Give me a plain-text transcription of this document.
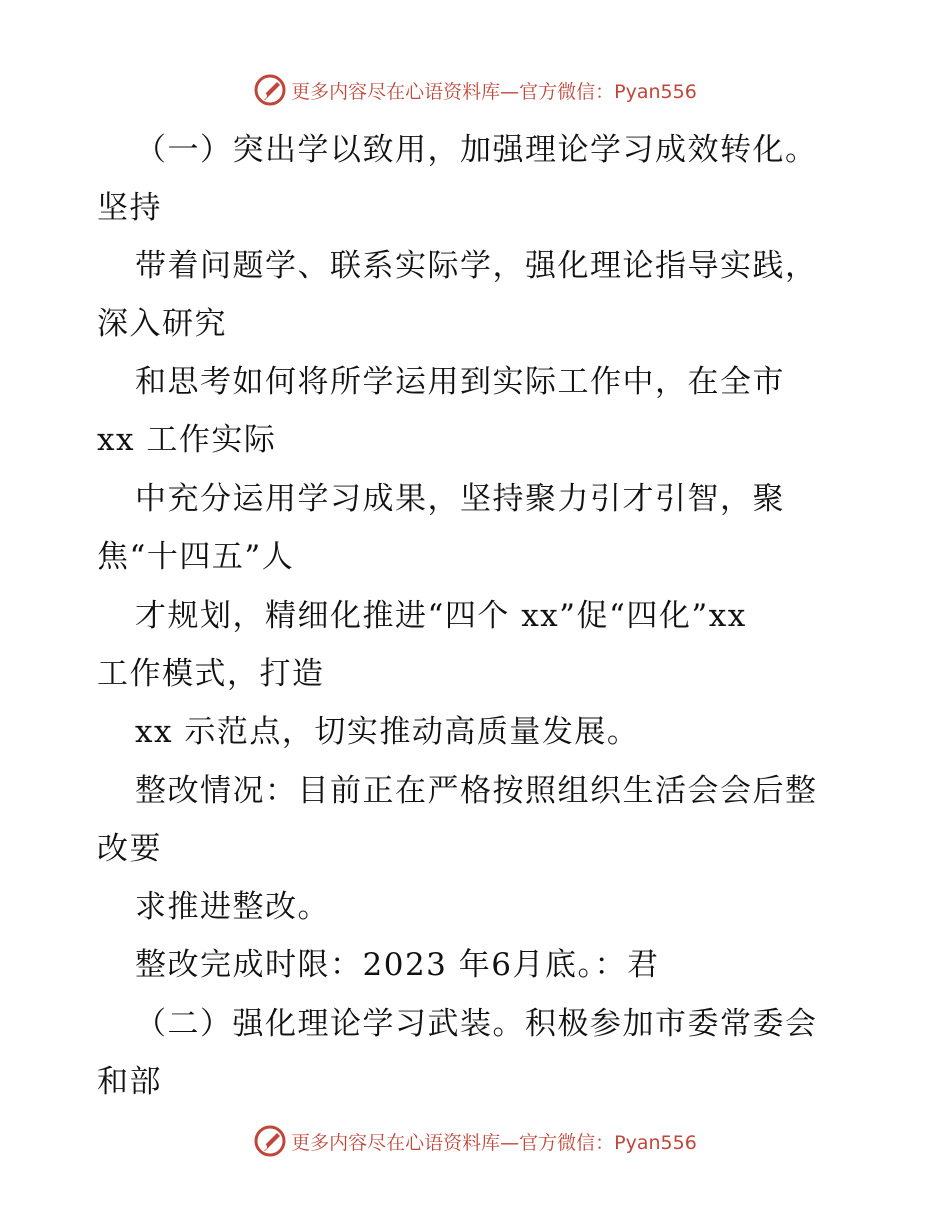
更多内容尽在心语资料库—官方微信：Pyan556
（一）突出学以致用，加强理论学习成效转化。
坚持
带着问题学、联系实际学，强化理论指导实践，
深入研究
和思考如何将所学运用到实际工作中，在全市
xx 工作实际
中充分运用学习成果，坚持聚力引才引智，聚
焦“十四五”人
才规划，精细化推进“四个 xx”促“四化”xx
工作模式，打造
xx 示范点，切实推动高质量发展。
整改情况：目前正在严格按照组织生活会会后整
改要
求推进整改。
整改完成时限：2023 年6月底。：君
（二）强化理论学习武装。积极参加市委常委会
和部
更多内容尽在心语资料库—官方微信：Pyan556
